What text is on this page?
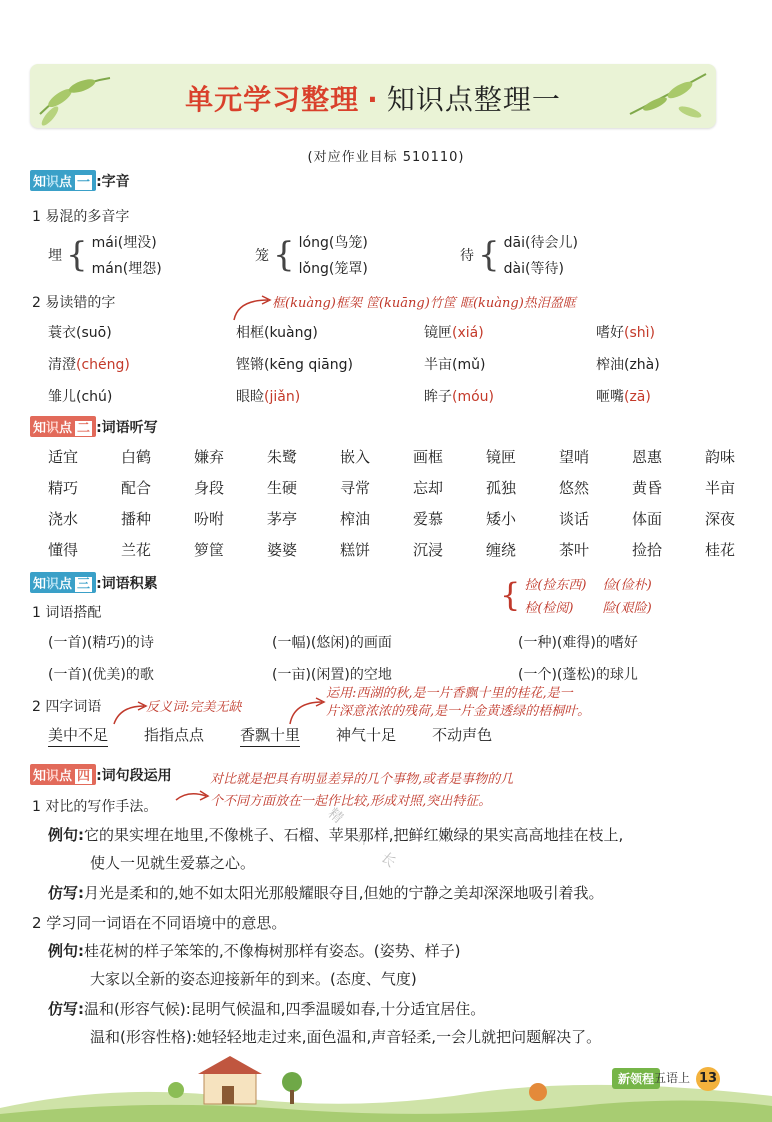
单元学习整理 · 知识点整理一
(对应作业目标 510110)
知识点 一 :字音
1 易混的多音字
埋 { mái(埋没)
mán(埋怨)
笼 { lóng(鸟笼)
lǒng(笼罩)
待 { dāi(待会儿)
dài(等待)
2 易读错的字	框(kuàng)框架 筐(kuāng)竹筐 眶(kuàng)热泪盈眶
蓑衣(suō)	相框(kuàng)	镜匣(xiá)	嗜好(shì)
清澄(chéng)	铿锵(kēng qiāng)	半亩(mǔ)	榨油(zhà)
雏儿(chú)	眼睑(jiǎn)	眸子(móu)	咂嘴(zā)
知识点 二 :词语听写
适宜	白鹤	嫌弃	朱鹭	嵌入	画框	镜匣	望哨	恩惠	韵味
精巧	配合	身段	生硬	寻常	忘却	孤独	悠然	黄昏	半亩
浇水	播种	吩咐	茅亭	榨油	爱慕	矮小	谈话	体面	深夜
懂得	兰花	箩筐	婆婆	糕饼	沉浸	缠绕	茶叶	捡拾	桂花
知识点 三 :词语积累	{ 捡(捡东西) 俭(俭朴)
检(检阅)	险(艰险)
1 词语搭配
(一首)(精巧)的诗	(一幅)(悠闲)的画面	(一种)(难得)的嗜好
(一首)(优美)的歌	(一亩)(闲置)的空地	(一个)(蓬松)的球儿
2 四字词语	反义词:完美无缺
运用:西湖的秋,是一片香飘十里的桂花,是一
片深意浓浓的残荷,是一片金黄透绿的梧桐叶。
美中不足 指指点点 香飘十里 神气十足 不动声色
知识点 四 :词句段运用
1 对比的写作手法。
对比就是把具有明显差异的几个事物,或者是事物的几
个不同方面放在一起作比较,形成对照,突出特征。
例句:它的果实埋在地里,不像桃子、石榴、苹果那样,把鲜红嫩绿的果实高高地挂在枝上,
使人一见就生爱慕之心。
仿写:月光是柔和的,她不如太阳光那般耀眼夺目,但她的宁静之美却深深地吸引着我。
2 学习同一词语在不同语境中的意思。
例句:桂花树的样子笨笨的,不像梅树那样有姿态。(姿势、样子)
大家以全新的姿态迎接新年的到来。(态度、气度)
仿写:温和(形容气候):昆明气候温和,四季温暖如春,十分适宜居住。
温和(形容性格):她轻轻地走过来,面色温和,声音轻柔,一会儿就把问题解决了。
精 东 长
新领程 五语上 13
